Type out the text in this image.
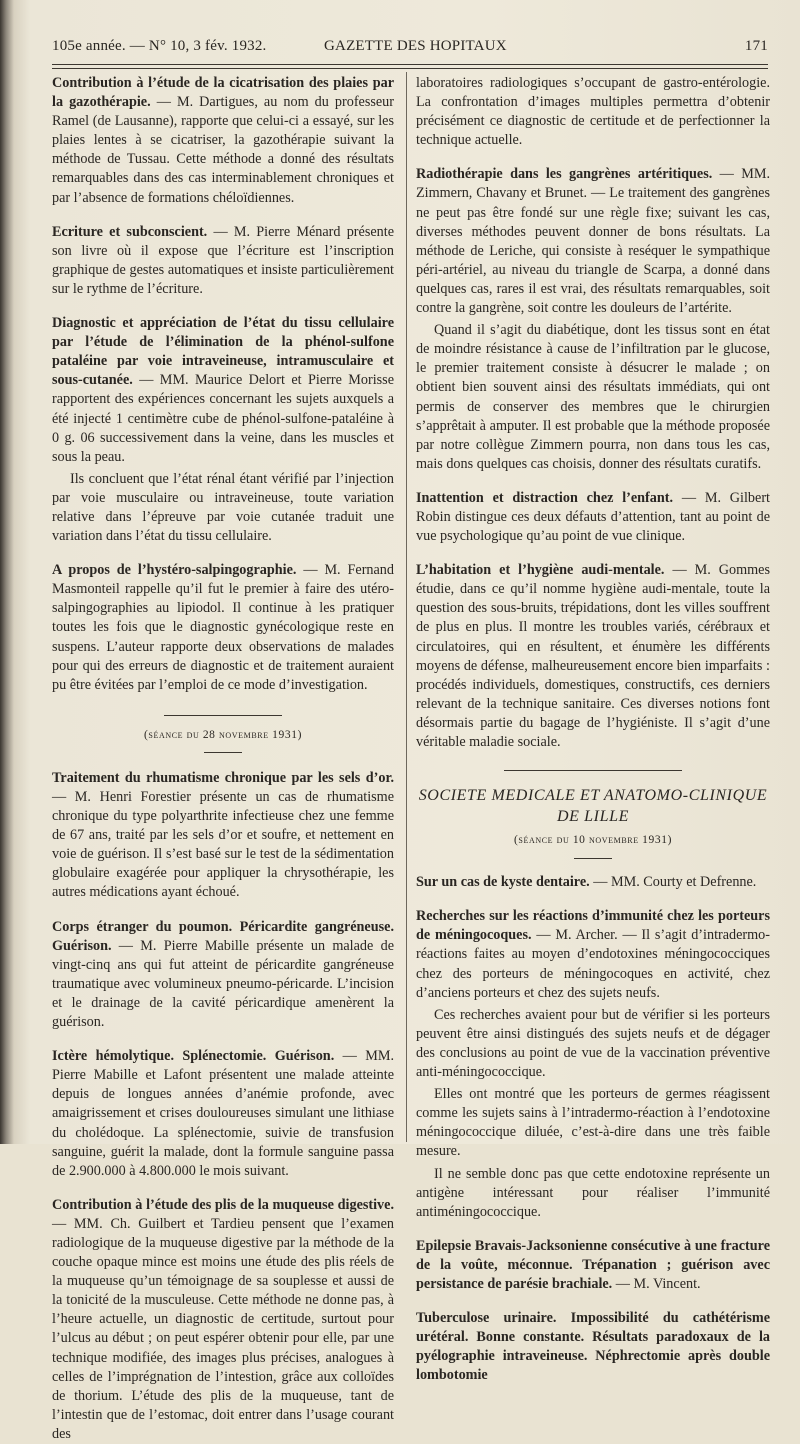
105e année. — N° 10, 3 fév. 1932.	GAZETTE DES HOPITAUX	171

Contribution à l’étude de la cicatrisation des plaies par la gazothérapie. — M. Dartigues, au nom du professeur Ramel (de Lausanne), rapporte que celui-ci a essayé, sur les plaies lentes à se cicatriser, la gazothérapie suivant la méthode de Tussau. Cette méthode a donné des résultats remarquables dans des cas interminablement chroniques et par l’absence de formations chéloïdiennes.

Ecriture et subconscient. — M. Pierre Ménard présente son livre où il expose que l’écriture est l’inscription graphique de gestes automatiques et insiste particulièrement sur le rythme de l’écriture.

Diagnostic et appréciation de l’état du tissu cellulaire par l’étude de l’élimination de la phénol-sulfone pataléine par voie intraveineuse, intramusculaire et sous-cutanée. — MM. Maurice Delort et Pierre Morisse rapportent des expériences concernant les sujets auxquels a été injecté 1 centimètre cube de phénol-sulfone-pataléine à 0 g. 06 successivement dans la veine, dans les muscles et sous la peau.

Ils concluent que l’état rénal étant vérifié par l’injection par voie musculaire ou intraveineuse, toute variation relative dans l’épreuve par voie cutanée traduit une variation dans l’état du tissu cellulaire.

A propos de l’hystéro-salpingographie. — M. Fernand Masmonteil rappelle qu’il fut le premier à faire des utéro-salpingographies au lipiodol. Il continue à les pratiquer toutes les fois que le diagnostic gynécologique reste en suspens. L’auteur rapporte deux observations de malades pour qui des erreurs de diagnostic et de traitement auraient pu être évitées par l’emploi de ce mode d’investigation.

(séance du 28 novembre 1931)

Traitement du rhumatisme chronique par les sels d’or. — M. Henri Forestier présente un cas de rhumatisme chronique du type polyarthrite infectieuse chez une femme de 67 ans, traité par les sels d’or et soufre, et nettement en voie de guérison. Il s’est basé sur le test de la sédimentation globulaire exagérée pour appliquer la chrysothérapie, les autres médications ayant échoué.

Corps étranger du poumon. Péricardite gangréneuse. Guérison. — M. Pierre Mabille présente un malade de vingt-cinq ans qui fut atteint de péricardite gangréneuse traumatique avec volumineux pneumo-péricarde. L’incision et le drainage de la cavité péricardique amenèrent la guérison.

Ictère hémolytique. Splénectomie. Guérison. — MM. Pierre Mabille et Lafont présentent une malade atteinte depuis de longues années d’anémie profonde, avec amaigrissement et crises douloureuses simulant une lithiase du cholédoque. La splénectomie, suivie de transfusion sanguine, guérit la malade, dont la formule sanguine passa de 2.900.000 à 4.800.000 le mois suivant.

Contribution à l’étude des plis de la muqueuse digestive. — MM. Ch. Guilbert et Tardieu pensent que l’examen radiologique de la muqueuse digestive par la méthode de la couche opaque mince est moins une étude des plis réels de la muqueuse qu’un témoignage de sa souplesse et aussi de la tonicité de la musculeuse. Cette méthode ne donne pas, à l’heure actuelle, un diagnostic de certitude, surtout pour l’ulcus au début ; on peut espérer obtenir pour elle, par une technique modifiée, des images plus précises, analogues à celles de l’imprégnation de l’intestion, grâce aux colloïdes de thorium. L’étude des plis de la muqueuse, tant de l’intestin que de l’estomac, doit entrer dans l’usage courant des

laboratoires radiologiques s’occupant de gastro-entérologie. La confrontation d’images multiples permettra d’obtenir précisément ce diagnostic de certitude et de perfectionner la technique actuelle.

Radiothérapie dans les gangrènes artéritiques. — MM. Zimmern, Chavany et Brunet. — Le traitement des gangrènes ne peut pas être fondé sur une règle fixe; suivant les cas, diverses méthodes peuvent donner de bons résultats. La méthode de Leriche, qui consiste à reséquer le sympathique péri-artériel, au niveau du triangle de Scarpa, a donné dans quelques cas, rares il est vrai, des résultats remarquables, soit contre la gangrène, soit contre les douleurs de l’artérite.

Quand il s’agit du diabétique, dont les tissus sont en état de moindre résistance à cause de l’infiltration par le glucose, le premier traitement consiste à désucrer le malade ; on obtient bien souvent ainsi des résultats immédiats, qui ont permis de conserver des membres que le chirurgien s’apprêtait à amputer. Il est probable que la méthode proposée par notre collègue Zimmern pourra, non dans tous les cas, mais dons quelques cas choisis, donner des résultats curatifs.

Inattention et distraction chez l’enfant. — M. Gilbert Robin distingue ces deux défauts d’attention, tant au point de vue psychologique qu’au point de vue clinique.

L’habitation et l’hygiène audi-mentale. — M. Gommes étudie, dans ce qu’il nomme hygiène audi-mentale, toute la question des sous-bruits, trépidations, dont les villes souffrent de plus en plus. Il montre les troubles variés, cérébraux et circulatoires, qui en résultent, et énumère les différents moyens de défense, malheureusement encore bien imparfaits : procédés individuels, domestiques, constructifs, ces derniers relevant de la technique sanitaire. Ces diverses notions font désormais partie du bagage de l’hygiéniste. Il s’agit d’une véritable maladie sociale.

SOCIETE MEDICALE ET ANATOMO-CLINIQUE
DE LILLE
(séance du 10 novembre 1931)

Sur un cas de kyste dentaire. — MM. Courty et Defrenne.

Recherches sur les réactions d’immunité chez les porteurs de méningocoques. — M. Archer. — Il s’agit d’intradermo-réactions faites au moyen d’endotoxines méningococciques chez des porteurs de méningocoques en activité, chez d’anciens porteurs et chez des sujets neufs.

Ces recherches avaient pour but de vérifier si les porteurs peuvent être ainsi distingués des sujets neufs et de dégager des conclusions au point de vue de la vaccination préventive anti-méningococcique.

Elles ont montré que les porteurs de germes réagissent comme les sujets sains à l’intradermo-réaction à l’endotoxine méningococcique diluée, c’est-à-dire dans une très faible mesure.

Il ne semble donc pas que cette endotoxine représente un antigène intéressant pour réaliser l’immunité antiméningococcique.

Epilepsie Bravais-Jacksonienne consécutive à une fracture de la voûte, méconnue. Trépanation ; guérison avec persistance de parésie brachiale. — M. Vincent.

Tuberculose urinaire. Impossibilité du cathétérisme urétéral. Bonne constante. Résultats paradoxaux de la pyélographie intraveineuse. Néphrectomie après double lombotomie
